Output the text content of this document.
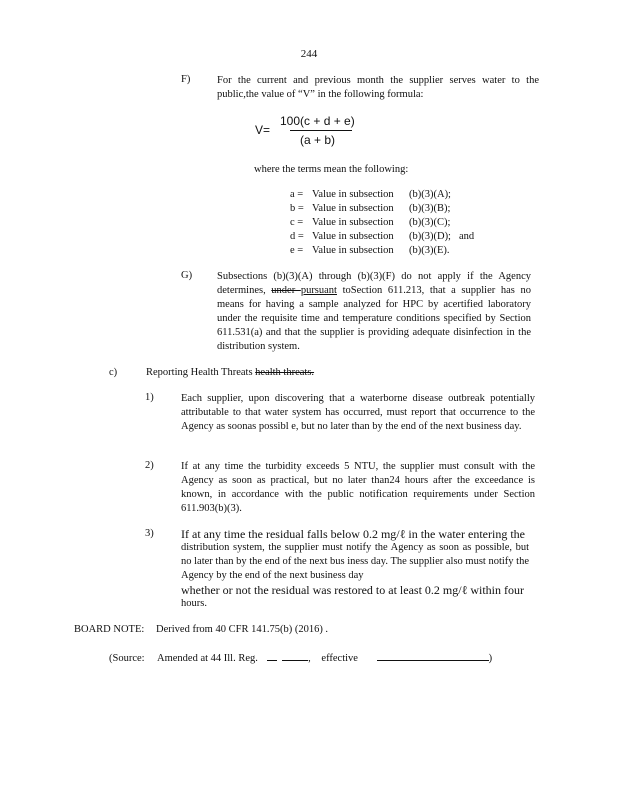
244
F)	For the current and previous month the supplier serves water to the public,the value of “V” in the following formula:
V=
100(c + d + e)
(a + b)
where the terms mean the following:
a = Value in subsection (b)(3)(A);
b = Value in subsection (b)(3)(B);
c = Value in subsection (b)(3)(C);
d = Value in subsection (b)(3)(D); and
e = Value in subsection (b)(3)(E).
G) Subsections (b)(3)(A) through (b)(3)(F) do not apply if the Agency determines, under pursuant toSection 611.213, that a supplier has no means for having a sample analyzed for HPC by acertified laboratory under the requisite time and temperature conditions specified by Section 611.531(a) and that the supplier is providing adequate disinfection in the distribution system.
c)	Reporting Health Threats health threats.
1)	Each supplier, upon discovering that a waterborne disease outbreak potentially attributable to that water system has occurred, must report that occurrence to the Agency as soonas possibl e, but no later than by the end of the next business day.
2)	If at any time the turbidity exceeds 5 NTU, the supplier must consult with the Agency as soon as practical, but no later than24 hours after the exceedance is known, in accordance with the public notification requirements under Section 611.903(b)(3).
3) If at any time the residual falls below 0.2 mg/ℓ in the water entering the
distribution system, the supplier must notify the Agency as soon as possible, but no later than by the end of the next bus iness day. The supplier also must notify the Agency by the end of the next business day
whether or not the residual was restored to at least 0.2 mg/ℓ within four
hours.
BOARD NOTE: Derived from 40 CFR 141.75(b) (2016) .
(Source: Amended at 44 Ill. Reg.	, effective	)
